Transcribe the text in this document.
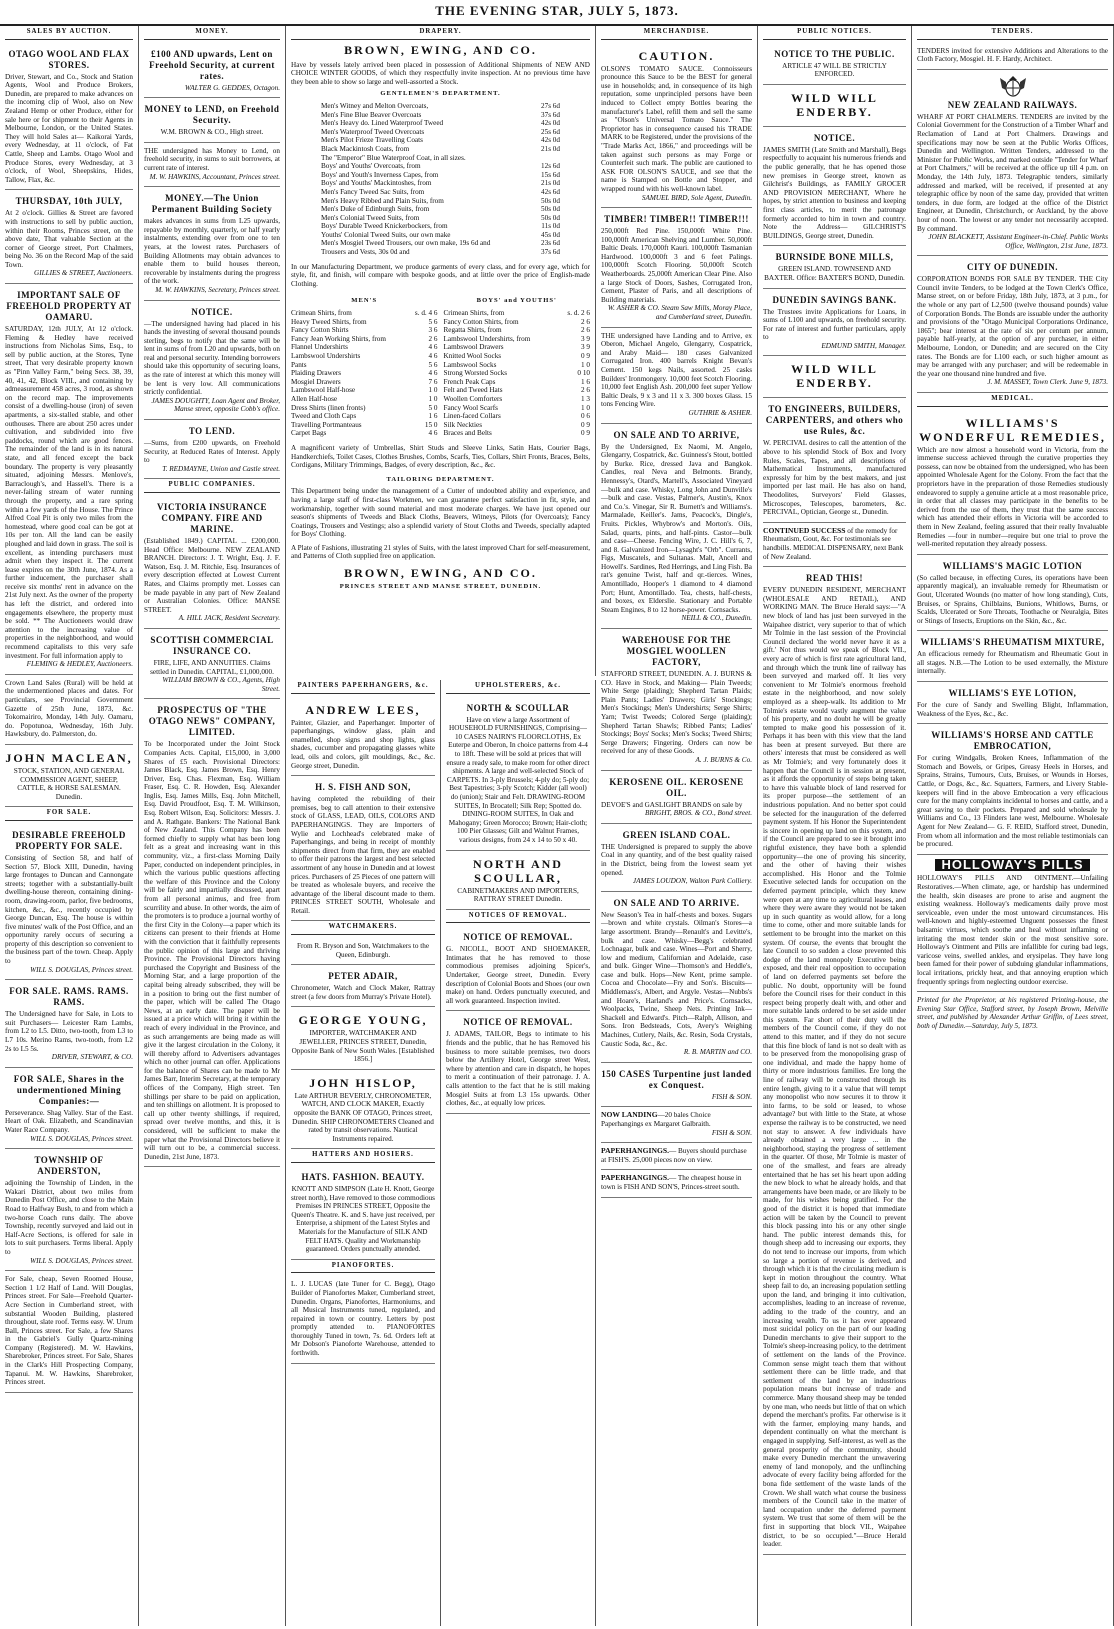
THE EVENING STAR, JULY 5, 1873.
SALES BY AUCTION.
OTAGO WOOL AND FLAX STORES.
Driver, Stewart, and Co., Stock and Station Agents, Wool and Produce Brokers, Dunedin, are prepared to make advances on the incoming clip of Wool, also on New Zealand Hemp or other Produce, either for sale here or for shipment to their Agents in Melbourne, London, or the United States. They will hold Sales at— Kaikorai Yards, every Wednesday, at 11 o'clock, of Fat Cattle, Sheep and Lambs. Otago Wool and Produce Stores, every Wednesday, at 3 o'clock, of Wool, Sheepskins, Hides, Tallow, Flax, &c.
THURSDAY, 10th JULY,
At 2 o'clock. Gillies & Street are favored with instructions to sell by public auction, within their Rooms, Princes street, on the above date, That valuable Section at the corner of George street, Port Chalmers, being No. 36 on the Record Map of the said Town.
GILLIES & STREET, Auctioneers.
IMPORTANT SALE OF FREEHOLD PROPERTY AT OAMARU.
SATURDAY, 12th JULY, At 12 o'clock. Fleming & Hedley have received instructions from Nicholas Sims, Esq., to sell by public auction, at the Stores, Tyne street, That very desirable property known as "Pinn Valley Farm," being Secs. 38, 39, 40, 41, 42, Block VIII., and containing by admeasurement 458 acres, 3 rood, as shown on the record map. The improvements consist of a dwelling-house (iron) of seven apartments, a six-stalled stable, and other outhouses. There are about 250 acres under cultivation, and subdivided into five paddocks, round which are good fences. The remainder of the land is in its natural state, and all fenced except the back boundary. The property is very pleasantly situated, adjoining Messrs. Menlove's, Barraclough's, and Hassell's. There is a never-failing stream of water running through the property, and a rare spring within a few yards of the House. The Prince Alfred Coal Pit is only two miles from the homestead, where good coal can be got at 10s per ton. All the land can be easily ploughed and laid down in grass. The soil is excellent, as intending purchasers must admit when they inspect it. The current lease expires on the 30th June, 1874. As a further inducement, the purchaser shall receive six months' rent in advance on the 21st July next. As the owner of the property has left the district, and ordered into engagements elsewhere, the property must be sold. ** The Auctioneers would draw attention to the increasing value of properties in the neighborhood, and would recommend capitalists to this very safe investment. For full information apply to
FLEMING & HEDLEY, Auctioneers.
Crown Land Sales (Rural) will be held at the undermentioned places and dates. For particulars, see Provincial Government Gazette of 25th June, 1873, &c. Tokomairiro, Monday, 14th July. Oamaru, do. Popotunoa, Wednesday, 16th July. Hawksbury, do. Palmerston, do.
JOHN MACLEAN,
STOCK, STATION, AND GENERAL COMMISSION AGENT, SHEEP, CATTLE, & HORSE SALESMAN. Dunedin.
FOR SALE.
DESIRABLE FREEHOLD PROPERTY FOR SALE.
Consisting of Section 58, and half of Section 57, Block XIII, Dunedin, having large frontages to Duncan and Cannongate streets; together with a substantially-built dwelling-house thereon, containing dining-room, drawing-room, parlor, five bedrooms, kitchen, &c., &c., recently occupied by George Duncan, Esq. The house is within five minutes' walk of the Post Office, and an opportunity rarely occurs of securing a property of this description so convenient to the business part of the town. Cheap. Apply to
WILL S. DOUGLAS, Princes street.
FOR SALE. RAMS. RAMS. RAMS.
The Undersigned have for Sale, in Lots to suit Purchasers— Leicester Ram Lambs, from L2 to L5. Ditto, two-tooth, from L3 to L7 10s. Merino Rams, two-tooth, from L2 2s to L5 5s.
DRIVER, STEWART, & CO.
FOR SALE, Shares in the undermentioned Mining Companies:—
Perseverance. Shag Valley. Star of the East. Heart of Oak. Elizabeth, and Scandinavian Water Race Company.
WILL S. DOUGLAS, Princes street.
TOWNSHIP OF ANDERSTON,
adjoining the Township of Linden, in the Wakari District, about two miles from Dunedin Post Office, and close to the Main Road to Halfway Bush, to and from which a two-horse Coach runs daily. The above Township, recently surveyed and laid out in Half-Acre Sections, is offered for sale in lots to suit purchasers. Terms liberal. Apply to
WILL S. DOUGLAS, Princes street.
For Sale, cheap, Seven Roomed House, Section 1 1/2 Half of Land. Will Douglas, Princes street. For Sale—Freehold Quarter-Acre Section in Cumberland street, with substantial Wooden Building, plastered throughout, slate roof. Terms easy. W. Urum Ball, Princes street. For Sale, a few Shares in the Gabriel's Gully Quartz-mining Company (Registered). M. W. Hawkins, Sharebroker, Princes street. For Sale, Shares in the Clark's Hill Prospecting Company, Tapanui. M. W. Hawkins, Sharebroker, Princes street.
MONEY.
£100 AND upwards, Lent on Freehold Security, at current rates.
WALTER G. GEDDES, Octagon.
MONEY to LEND, on Freehold Security.
W.M. BROWN & CO., High street.
THE undersigned has Money to Lend, on freehold security, in sums to suit borrowers, at current rate of interest.
M. W. HAWKINS, Accountant, Princes street.
MONEY.—The Union Permanent Building Society
makes advances in sums from L25 upwards, repayable by monthly, quarterly, or half yearly instalments, extending over from one to ten years, at the lowest rates. Purchasers of Building Allotments may obtain advances to enable them to build houses thereon, recoverable by instalments during the progress of the work.
M. W. HAWKINS, Secretary, Princes street.
NOTICE.
—The undersigned having had placed in his hands the investing of several thousand pounds sterling, begs to notify that the same will be lent in sums of from L20 and upwards, both on real and personal security. Intending borrowers should take this opportunity of securing loans, as the rate of interest at which this money will be lent is very low. All communications strictly confidential.
JAMES DOUGHTY, Loan Agent and Broker, Manse street, opposite Cobb's office.
TO LEND.
—Sums, from £200 upwards, on Freehold Security, at Reduced Rates of Interest. Apply to
T. REDMAYNE, Union and Castle street.
PUBLIC COMPANIES.
VICTORIA INSURANCE COMPANY. FIRE AND MARINE.
(Established 1849.) CAPITAL ... £200,000. Head Office: Melbourne. NEW ZEALAND BRANCH. Directors: J. T. Wright, Esq. J. F. Watson, Esq. J. M. Ritchie, Esq. Insurances of every description effected at Lowest Current Rates, and Claims promptly met. Losses can be made payable in any part of New Zealand or Australian Colonies. Office: MANSE STREET.
A. HILL JACK, Resident Secretary.
SCOTTISH COMMERCIAL INSURANCE CO.
FIRE, LIFE, AND ANNUITIES. Claims settled in Dunedin. CAPITAL, £1,000,000.
WILLIAM BROWN & CO., Agents, High Street.
PROSPECTUS OF "THE OTAGO NEWS" COMPANY, LIMITED.
To be Incorporated under the Joint Stock Companies Acts. Capital, £15,000, in 3,000 Shares of £5 each. Provisional Directors: James Black, Esq. James Brown, Esq. Henry Driver, Esq. Chas. Flexman, Esq. William Fraser, Esq. C. R. Howden, Esq. Alexander Inglis, Esq. James Mills, Esq. John Mitchell, Esq. David Proudfoot, Esq. T. M. Wilkinson, Esq. Robert Wilson, Esq. Solicitors: Messrs. J. and A. Rathgate. Bankers: The National Bank of New Zealand. This Company has been formed chiefly to supply what has been long felt as a great and increasing want in this community, viz., a first-class Morning Daily Paper, conducted on independent principles, in which the various public questions affecting the welfare of this Province and the Colony will be fairly and impartially discussed, apart from all personal animus, and free from scurrility and abuse. In other words, the aim of the promoters is to produce a journal worthy of the first City in the Colony—a paper which its citizens can present to their friends at Home with the conviction that it faithfully represents the public opinion of this large and thriving Province. The Provisional Directors having purchased the Copyright and Business of the Morning Star, and a large proportion of the capital being already subscribed, they will be in a position to bring out the first number of the paper, which will be called The Otago News, at an early date. The paper will be issued at a price which will bring it within the reach of every individual in the Province, and as such arrangements are being made as will give it the largest circulation in the Colony, it will thereby afford to Advertisers advantages which no other journal can offer. Applications for the balance of Shares can be made to Mr James Barr, Interim Secretary, at the temporary offices of the Company, High street. Ten shillings per share to be paid on application, and ten shillings on allotment. It is proposed to call up other twenty shillings, if required, spread over twelve months, and this, it is considered, will be sufficient to make the paper what the Provisional Directors believe it will turn out to be, a commercial success. Dunedin, 21st June, 1873.
DRAPERY.
BROWN, EWING, AND CO.
Have by vessels lately arrived been placed in possession of Additional Shipments of NEW AND CHOICE WINTER GOODS, of which they respectfully invite inspection. At no previous time have they been able to show so large and well-assorted a Stock.
GENTLEMEN'S DEPARTMENT.
Men's Witney and Melton Overcoats,	27s 6d
Men's Fine Blue Beaver Overcoats	37s 6d
Men's Heavy do. Lined Waterproof Tweed	42s 0d
Men's Waterproof Tweed Overcoats	25s 6d
Men's Pilot Frieze Travelling Coats	42s 0d
Black Mackintosh Coats, from	21s 0d
The "Emperor" Blue Waterproof Coat, in all sizes.
Boys' and Youths' Overcoats, from	12s 6d
Boys' and Youth's Inverness Capes, from	15s 6d
Boys' and Youths' Mackintoshes, from	21s 0d
Men's Fancy Tweed Sac Suits, from	42s 6d
Men's Heavy Ribbed and Plain Suits, from	50s 0d
Men's Duke of Edinburgh Suits, from	50s 0d
Men's Colonial Tweed Suits, from	50s 0d
Boys' Durable Tweed Knickerbockers, from	11s 0d
Youths' Colonial Tweed Suits, our own make	45s 0d
Men's Mosgiel Tweed Trousers, our own make, 19s 6d and	23s 6d
Trousers and Vests, 30s 0d and	37s 6d
In our Manufacturing Department, we produce garments of every class, and for every age, which for style, fit, and finish, will compare with bespoke goods, and at little over the price of English-made Clothing.
MEN'S
Crimean Shirts, from	s. d. 4 6
Heavy Tweed Shirts, from	5 6
Fancy Cotton Shirts	3 6
Fancy Jean Working Shirts, from	2 6
Flannel Undershirts	4 6
Lambswool Undershirts	4 6
Pants	5 6
Plaiding Drawers	4 6
Mosgiel Drawers	7 6
Lambswool Half-hose	1 0
Allen Half-hose	1 0
Dress Shirts (linen fronts)	5 0
Tweed and Cloth Caps	1 6
Travelling Portmanteaus	15 0
Carpet Bags	4 6
BOYS' and YOUTHS'
Crimean Shirts, from	s. d. 2 6
Fancy Cotton Shirts, from	2 6
Regatta Shirts, from	2 6
Lambswool Undershirts, from	3 9
Lambswool Drawers	3 9
Knitted Wool Socks	0 9
Lambswool Socks	1 0
Strong Worsted Socks	0 10
French Peak Caps	1 6
Felt and Tweed Hats	2 6
Woollen Comforters	1 3
Fancy Wool Scarfs	1 0
Linen-faced Collars	0 6
Silk Neckties	0 9
Braces and Belts	0 9
A magnificent variety of Umbrellas, Shirt Studs and Sleeve Links, Satin Hats, Courier Bags, Handkerchiefs, Toilet Cases, Clothes Brushes, Combs, Scarfs, Ties, Collars, Shirt Fronts, Braces, Belts, Cordigans, Military Trimmings, Badges, of every description, &c., &c.
TAILORING DEPARTMENT.
This Department being under the management of a Cutter of undoubted ability and experience, and having a large staff of first-class Workmen, we can guarantee perfect satisfaction in fit, style, and workmanship, together with sound material and most moderate charges. We have just opened our season's shipments of Tweeds and Black Cloths, Beavers, Witneys, Pilots (for Overcoats); Fancy Coatings, Trousers and Vestings; also a splendid variety of Stout Cloths and Tweeds, specially adapted for Boys' Clothing.
A Plate of Fashions, illustrating 21 styles of Suits, with the latest improved Chart for self-measurement, and Patterns of Cloth supplied free on application.
BROWN, EWING, AND CO.
PRINCES STREET AND MANSE STREET, DUNEDIN.
PAINTERS PAPERHANGERS, &c.
ANDREW LEES,
Painter, Glazier, and Paperhanger. Importer of paperhangings, window glass, plain and enamelled, shop signs and shop lights, glass shades, cucumber and propagating glasses white lead, oils and colors, gilt mouldings, &c., &c. George street, Dunedin.
H. S. FISH AND SON,
having completed the rebuilding of their premises, beg to call attention to their extensive stock of GLASS, LEAD, OILS, COLORS AND PAPERHANGINGS. They are Importers of Wylie and Lochhead's celebrated make of Paperhangings, and being in receipt of monthly shipments direct from that firm, they are enabled to offer their patrons the largest and best selected assortment of any house in Dunedin and at lowest prices. Purchasers of 25 Pieces of one pattern will be treated as wholesale buyers, and receive the advantage of the liberal discount made to them. PRINCES STREET SOUTH, Wholesale and Retail.
WATCHMAKERS.
From R. Bryson and Son, Watchmakers to the Queen, Edinburgh.
PETER ADAIR,
Chronometer, Watch and Clock Maker, Rattray street (a few doors from Murray's Private Hotel).
GEORGE YOUNG,
IMPORTER, WATCHMAKER AND JEWELLER, PRINCES STREET, Dunedin, Opposite Bank of New South Wales. [Established 1856.]
JOHN HISLOP,
Late ARTHUR BEVERLY, CHRONOMETER, WATCH, AND CLOCK MAKER, Exactly opposite the BANK OF OTAGO, Princes street, Dunedin. SHIP CHRONOMETERS Cleaned and rated by transit observations. Nautical Instruments repaired.
HATTERS AND HOSIERS.
HATS. FASHION. BEAUTY.
KNOTT AND SIMPSON (Late H. Knott, George street north), Have removed to those commodious Premises IN PRINCES STREET, Opposite the Queen's Theatre. K. and S. have just received, per Enterprise, a shipment of the Latest Styles and Materials for the Manufacture of SILK AND FELT HATS. Quality and Workmanship guaranteed. Orders punctually attended.
PIANOFORTES.
L. J. LUCAS (late Tuner for C. Begg), Otago Builder of Pianofortes Maker, Cumberland street, Dunedin. Organs, Pianofortes, Harmoniums, and all Musical Instruments tuned, regulated, and repaired in town or country. Letters by post promptly attended to. PIANOFORTES thoroughly Tuned in town, 7s. 6d. Orders left at Mr Dobson's Pianoforte Warehouse, attended to forthwith.
UPHOLSTERERS, &c.
NORTH & SCOULLAR
Have on view a large Assortment of HOUSEHOLD FURNISHINGS, Comprising— 10 CASES NAIRN'S FLOORCLOTHS, Ex Euterpe and Oberon, In choice patterns from 4-4 to 18ft. These will be sold at prices that will ensure a ready sale, to make room for other direct shipments. A large and well-selected Stock of CARPETS. In 3-ply Brussels; 4-ply do; 5-ply do; Best Tapestries; 3-ply Scotch; Kidder (all wool) do (union); Stair and Felt. DRAWING-ROOM SUITES, In Brocatell; Silk Rep; Spotted do. DINING-ROOM SUITES, In Oak and Mahogany; Green Morocco; Brown; Hair-cloth; 100 Pier Glasses; Gilt and Walnut Frames, various designs, from 24 x 14 to 50 x 40.
NORTH AND SCOULLAR,
CABINETMAKERS AND IMPORTERS, RATTRAY STREET Dunedin.
NOTICES OF REMOVAL.
NOTICE OF REMOVAL.
G. NICOLL, BOOT AND SHOEMAKER, Intimates that he has removed to those commodious premises adjoining Spicer's, Undertaker, George street, Dunedin. Every description of Colonial Boots and Shoes (our own make) on hand. Orders punctually executed, and all work guaranteed. Inspection invited.
NOTICE OF REMOVAL.
J. ADAMS, TAILOR, Begs to intimate to his friends and the public, that he has Removed his business to more suitable premises, two doors below the Artillery Hotel, George street West, where by attention and care in dispatch, he hopes to merit a continuation of their patronage. J. A. calls attention to the fact that he is still making Mosgiel Suits at from L3 15s upwards. Other clothes, &c., at equally low prices.
MERCHANDISE.
CAUTION.
OLSON'S TOMATO SAUCE. Connoisseurs pronounce this Sauce to be the BEST for general use in households; and, in consequence of its high reputation, some unprincipled persons have been induced to Collect empty Bottles bearing the manufacturer's Label, refill them and sell the same as "Olson's Universal Tomato Sauce." The Proprietor has in consequence caused his TRADE MARK to be Registered, under the provisions of the "Trade Marks Act, 1866," and proceedings will be taken against such persons as may Forge or Counterfeit such mark. The public are cautioned to ASK FOR OLSON'S SAUCE, and see that the name is Stamped on Bottle and Stopper, and wrapped round with his well-known label.
SAMUEL BIRD, Sole Agent, Dunedin.
TIMBER! TIMBER!! TIMBER!!!
250,000ft Red Pine. 150,000ft White Pine. 100,000ft American Shelving and Lumber. 50,000ft Baltic Deals. 170,000ft Kauri. 100,000ft Tasmanian Hardwood. 100,000ft 3 and 6 feet Palings. 100,000ft Scotch Flooring. 50,000ft Scotch Weatherboards. 25,000ft American Clear Pine. Also a large Stock of Doors, Sashes, Corrugated Iron, Cement, Plaster of Paris, and all descriptions of Building materials.
W. ASHER & CO. Steam Saw Mills, Moray Place, and Cumberland street, Dunedin.
THE undersigned have Landing and to Arrive, ex Oberon, Michael Angelo, Glengarry, Cospatrick, and Araby Maid— 180 cases Galvanized Corrugated Iron. 400 barrels Knight Bevan's Cement. 150 kegs Nails, assorted. 25 casks Builders' Ironmongery. 10,000 feet Scotch Flooring. 10,000 feet English Ash. 200,000 feet super Yellow Baltic Deals, 9 x 3 and 11 x 3. 300 boxes Glass. 15 tons Fencing Wire.
GUTHRIE & ASHER.
ON SALE AND TO ARRIVE,
By the Undersigned, Ex Naomi, M. Angelo, Glengarry, Cospatrick, &c. Guinness's Stout, bottled by Burke. Rice, dressed Java and Bangkok. Candles, real Neva and Belmonts. Brandy, Hennessy's, Otard's, Martell's, Associated Vineyard—bulk and case. Whisky, Long John and Dunville's—bulk and case. Vestas, Palmer's, Austin's, Knox and Co.'s. Vinegar, Sir R. Burnett's and Williams's. Marmalade, Keiller's. Jams, Peacock's, Dingle's, Fruits. Pickles, Whybrow's and Morton's. Oils, Salad, quarts, pints, and half-pints. Castor—bulk and case—Cheese. Fencing Wire, J. C. Hill's 6, 7, and 8. Galvanized Iron—Lysaght's "Orb". Currants, Figs, Muscatels, and Sultanas. Malt, Ancell and Howell's. Sardines, Red Herrings, and Ling Fish. Ba rat's genuine Twist, half and qr.-tierces. Wines, Amontillado, Hooper's 1 diamond to 4 diamond Port; Hunt, Amontillado. Tea, chests, half-chests, and boxes, ex Elderslie. Stationary and Portable Steam Engines, 8 to 12 horse-power. Cornsacks.
NEILL & CO., Dunedin.
WAREHOUSE FOR THE MOSGIEL WOOLLEN FACTORY,
STAFFORD STREET, DUNEDIN. A. J. BURNS & CO. Have in Stock, and Making— Plain Tweeds; White Serge (plaiding); Shepherd Tartan Plaids; Plain Pants; Ladies' Drawers; Girls' Stockings; Men's Stockings; Men's Undershirts; Serge Shirts; Yarn; Twist Tweeds; Colored Serge (plaiding); Shepherd Tartan Shawls; Ribbed Pants; Ladies' Stockings; Boys' Socks; Men's Socks; Tweed Shirts; Serge Drawers; Fingering. Orders can now be received for any of these Goods.
A. J. BURNS & Co.
KEROSENE OIL. KEROSENE OIL.
DEVOE'S and GASLIGHT BRANDS on sale by
BRIGHT, BROS. & CO., Bond street.
GREEN ISLAND COAL.
THE Undersigned is prepared to supply the above Coal in any quantity, and of the best quality raised in the District, being from the lowest seam yet opened.
JAMES LOUDON, Walton Park Colliery.
ON SALE AND TO ARRIVE.
New Season's Tea in half-chests and boxes. Sugars—brown and white crystals. Oilman's Stores—a large assortment. Brandy—Renault's and Levitte's, bulk and case. Whisky—Begg's celebrated Lochnagar, bulk and case. Wines—Port and Sherry, low and medium, Californian and Adelaide, case and bulk. Ginger Wine—Thomson's and Heddle's, case and bulk. Hops—New Kent, prime sample. Cocoa and Chocolate—Fry and Son's. Biscuits—Middlemass's, Albert, and Argyle. Vestas—Nubbs's and Hoare's, Harland's and Price's. Cornsacks, Woolpacks, Twine, Sheep Nets. Printing Ink—Shackell and Edward's. Pitch—Ralph, Allison, and Sons. Iron Bedsteads, Cots, Avery's Weighing Machines, Cutlery, Nails, &c. Resin, Soda Crystals, Caustic Soda, &c., &c.
R. B. MARTIN and CO.
150 CASES Turpentine just landed ex Conquest.
FISH & SON.
NOW LANDING—20 bales Choice Paperhangings ex Margaret Galbraith.
FISH & SON.
PAPERHANGINGS.— Buyers should purchase at FISH'S. 25,000 pieces now on view.
PAPERHANGINGS.— The cheapest house in town is FISH AND SON'S, Princes-street south.
PUBLIC NOTICES.
NOTICE TO THE PUBLIC.
ARTICLE 47 WILL BE STRICTLY ENFORCED.
WILD WILL ENDERBY.
NOTICE.
JAMES SMITH (Late Smith and Marshall), Begs respectfully to acquaint his numerous friends and the public generally, that he has opened those new premises in George street, known as Gilchrist's Buildings, as FAMILY GROCER AND PROVISION MERCHANT, Where he hopes, by strict attention to business and keeping first class articles, to merit the patronage formerly accorded to him in town and country. Note the Address— GILCHRIST'S BUILDINGS, George street, Dunedin.
BURNSIDE BONE MILLS,
GREEN ISLAND. TOWNSEND AND BAXTER. Office: BAXTER'S BOND, Dunedin.
DUNEDIN SAVINGS BANK.
The Trustees invite Applications for Loans, in sums of L100 and upwards, on freehold security. For rate of interest and further particulars, apply to
EDMUND SMITH, Manager.
WILD WILL ENDERBY.
TO ENGINEERS, BUILDERS, CARPENTERS, and others who use Rules, &c.
W. PERCIVAL desires to call the attention of the above to his splendid Stock of Box and Ivory Rules, Scales, Tapes, and all descriptions of Mathematical Instruments, manufactured expressly for him by the best makers, and just imported per last mail. He has also on hand, Theodolites, Surveyors' Field Glasses, Microscopes, Telescopes, barometers, &c. PERCIVAL, Optician, George st., Dunedin.
CONTINUED SUCCESS of the remedy for Rheumatism, Gout, &c. For testimonials see handbills. MEDICAL DISPENSARY, next Bank of New Zealand.
READ THIS!
EVERY DUNEDIN RESIDENT, MERCHANT (WHOLESALE AND RETAIL), AND WORKING MAN. The Bruce Herald says:—"A new block of land has just been surveyed in the Waipahee district, very superior to that of which Mr Tolmie in the last session of the Provincial Council declared 'the world never have it as a gift.' Not thus would we speak of Block VII., every acre of which is first rate agricultural land, and through which the trunk line of railway has been surveyed and marked off. It lies very convenient to Mr Tolmie's enormous freehold estate in the neighborhood, and now solely employed as a sheep-walk. Its addition to Mr Tolmie's estate would vastly augment the value of his property, and no doubt he will be greatly tempted to make good his possession of it. Perhaps it has been with this view that the land has been at present surveyed. But there are others' interests that must be considered as well as Mr Tolmie's; and very fortunately does it happen that the Council is in session at present, as it affords the opportunity of steps being taken to have this valuable block of land reserved for its proper purpose—the settlement of an industrious population. And no better spot could be selected for the inauguration of the deferred payment system. If his Honor the Superintendent is sincere in opening up land on this system, and if the Council are prepared to see it brought into rightful existence, they have both a splendid opportunity—the one of proving his sincerity, and the other of having their wishes accomplished. His Honor and the Tolmie Executive selected lands for occupation on the deferred payment principle, which they knew were open at any time to agricultural leases, and where they were aware they would not be taken up in such quantity as would allow, for a long time to come, other and more suitable lands for settlement to be brought into the market on this system. Of course, the events that brought the late Council to so sudden a close prevented this dodge of the land monopoly Executive being exposed, and their real opposition to occupation of land on deferred payments set before the public. No doubt, opportunity will be found before the Council rises for their conduct in this respect being properly dealt with, and other and more suitable lands ordered to be set aside under this system. Far short of their duty will the members of the Council come, if they do not attend to this matter, and if they do not secure that this fine block of land is not so dealt with as to be preserved from the monopolising grasp of one individual, and made the happy home of thirty or more industrious families. Ere long the line of railway will be constructed through its entire length, giving to it a value that will tempt any monopolist who now secures it to throw it into farms, to be sold or leased, to whose advantage? but with little to the State, at whose expense the railway is to be constructed, we need not stay to answer. A few individuals have already obtained a very large ... in the neighborhood, staying the progress of settlement in the quarter. Of those, Mr Tolmie is master of one of the smallest, and fears are already entertained that he has set his heart upon adding the new block to what he already holds, and that arrangements have been made, or are likely to be made, for his wishes being gratified. For the good of the district it is hoped that immediate action will be taken by the Council to prevent this block passing into his or any other single hand. The public interest demands this, for though sheep add to increasing our exports, they do not tend to increase our imports, from which so large a portion of revenue is derived, and through which it is that the circulating medium is kept in motion throughout the country. What sheep fail to do, an increasing population settling upon the land, and bringing it into cultivation, accomplishes, leading to an increase of revenue, adding to the trade of the country, and an increasing wealth. To us it has ever appeared most suicidal policy on the part of our leading Dunedin merchants to give their support to the Tolmie's sheep-increasing policy, to the detriment of settlement on the lands of the Province. Common sense might teach them that without settlement there can be little trade, and that settlement of the land by an industrious population means but increase of trade and commerce. Many thousand sheep may be tended by one man, who needs but little of that on which depend the merchant's profits. Far otherwise is it with the farmer, employing many hands, and dependent continually on what the merchant is engaged in supplying. Self-interest, as well as the general prosperity of the community, should make every Dunedin merchant the unwavering enemy of land monopoly, and the unflinching advocate of every facility being afforded for the bona fide settlement of the waste lands of the Crown. We shall watch what course the business members of the Council take in the matter of land occupation under the deferred payment system. We trust that some of them will be the first in supporting that block VII., Waipahee district, to be so occupied."—Bruce Herald leader.
TENDERS.
TENDERS invited for extensive Additions and Alterations to the Cloth Factory, Mosgiel. H. F. Hardy, Architect.
NEW ZEALAND RAILWAYS.
WHARF AT PORT CHALMERS. TENDERS are invited by the Colonial Government for the Construction of a Timber Wharf and Reclamation of Land at Port Chalmers. Drawings and specifications may now be seen at the Public Works Offices, Dunedin and Wellington. Written Tenders, addressed to the Minister for Public Works, and marked outside "Tender for Wharf at Port Chalmers," will be received at the office up till 4 p.m. on Monday, the 14th July, 1873. Telegraphic tenders, similarly addressed and marked, will be received, if presented at any telegraphic office by noon of the same day, provided that written tenders, in due form, are lodged at the office of the District Engineer, at Dunedin, Christchurch, or Auckland, by the above hour of noon. The lowest or any tender not necessarily accepted. By command.
JOHN BLACKETT, Assistant Engineer-in-Chief. Public Works Office, Wellington, 21st June, 1873.
CITY OF DUNEDIN.
CORPORATION BONDS FOR SALE BY TENDER. THE City Council invite Tenders, to be lodged at the Town Clerk's Office, Manse street, on or before Friday, 18th July, 1873, at 3 p.m., for the whole or any part of L2,500 (twelve thousand pounds) value of Corporation Bonds. The Bonds are issuable under the authority and provisions of the "Otago Municipal Corporations Ordinance, 1865"; bear interest at the rate of six per centum per annum, payable half-yearly, at the option of any purchaser, in either Melbourne, London, or Dunedin; and are secured on the City rates. The Bonds are for L100 each, or such higher amount as may be arranged with any purchaser; and will be redeemable in the year one thousand nine hundred and five.
J. M. MASSEY, Town Clerk. June 9, 1873.
MEDICAL.
WILLIAMS'S WONDERFUL REMEDIES,
Which are now almost a household word in Victoria, from the immense success achieved through the curative properties they possess, can now be obtained from the undersigned, who has been appointed Wholesale Agent for the Colony. From the fact that the proprietors have in the preparation of those Remedies studiously endeavored to supply a genuine article at a most reasonable price, in order that all classes may participate in the benefits to be derived from the use of them, they trust that the same success which has attended their efforts in Victoria will be accorded to them in New Zealand, feeling assured that their really Invaluable Remedies —four in number—require but one trial to prove the well-merited reputation they already possess.
WILLIAMS'S MAGIC LOTION
(So called because, in effecting Cures, its operations have been apparently magical), an invaluable remedy for Rheumatism or Gout, Ulcerated Wounds (no matter of how long standing), Cuts, Bruises, or Sprains, Chilblains, Bunions, Whitlows, Burns, or Scalds, Ulcerated or Sore Throats, Toothache or Neuralgia, Bites or Stings of Insects, Eruptions on the Skin, &c., &c.
WILLIAMS'S RHEUMATISM MIXTURE,
An efficacious remedy for Rheumatism and Rheumatic Gout in all stages. N.B.—The Lotion to be used externally, the Mixture internally.
WILLIAMS'S EYE LOTION,
For the cure of Sandy and Swelling Blight, Inflammation, Weakness of the Eyes, &c., &c.
WILLIAMS'S HORSE AND CATTLE EMBROCATION,
For curing Windgalls, Broken Knees, Inflammation of the Stomach and Bowels, or Gripes, Greasy Heels in Horses, and Sprains, Strains, Tumours, Cuts, Bruises, or Wounds in Horses, Cattle, or Dogs, &c., &c. Squatters, Farmers, and Livery Stable-keepers will find in the above Embrocation a very efficacious cure for the many complaints incidental to horses and cattle, and a great saving to their pockets. Prepared and sold wholesale by Williams and Co., 13 Flinders lane west, Melbourne. Wholesale Agent for New Zealand— G. F. REID, Stafford street, Dunedin, From whom all information and the most reliable testimonials can be procured.
HOLLOWAY'S PILLS
HOLLOWAY'S PILLS AND OINTMENT.—Unfailing Restoratives.—When climate, age, or hardship has undermined the health, skin diseases are prone to arise and augment the existing weakness. Holloway's medicaments daily prove most serviceable, even under the most untoward circumstances. His well-known and highly-esteemed Unguent possesses the finest balsamic virtues, which soothe and heal without inflaming or irritating the most tender skin or the most sensitive sore. Holloway's Ointment and Pills are infallible for curing bad legs, varicose veins, swelled ankles, and erysipelas. They have long been famed for their power of subduing glandular inflammations, local irritations, prickly heat, and that annoying eruption which frequently springs from neglecting outdoor exercise.
Printed for the Proprietor, at his registered Printing-house, the Evening Star Office, Stafford street, by Joseph Brown, Melville street, and published by Alexander Arthur Griffin, of Lees street, both of Dunedin.—Saturday, July 5, 1873.
